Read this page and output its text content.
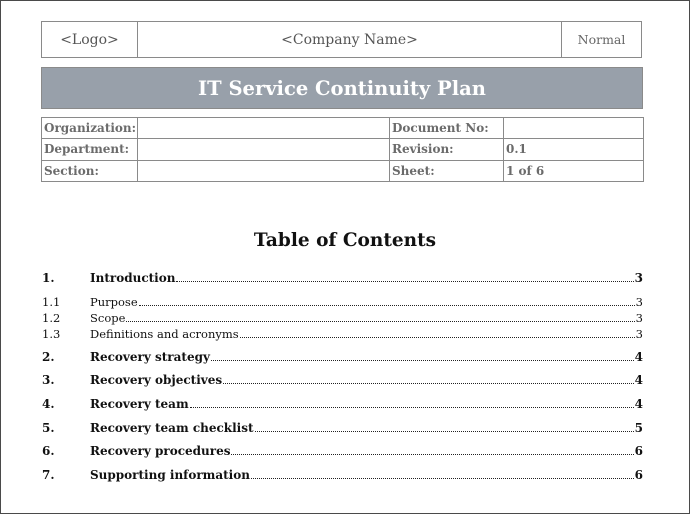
<Logo>	<Company Name>	Normal
IT Service Continuity Plan
Organization:		Document No:	
Department:		Revision:	0.1
Section:		Sheet:	1 of 6
Table of Contents
1.	Introduction	3
1.1	Purpose	3
1.2	Scope	3
1.3	Definitions and acronyms	3
2.	Recovery strategy	4
3.	Recovery objectives	4
4.	Recovery team	4
5.	Recovery team checklist	5
6.	Recovery procedures	6
7.	Supporting information	6
